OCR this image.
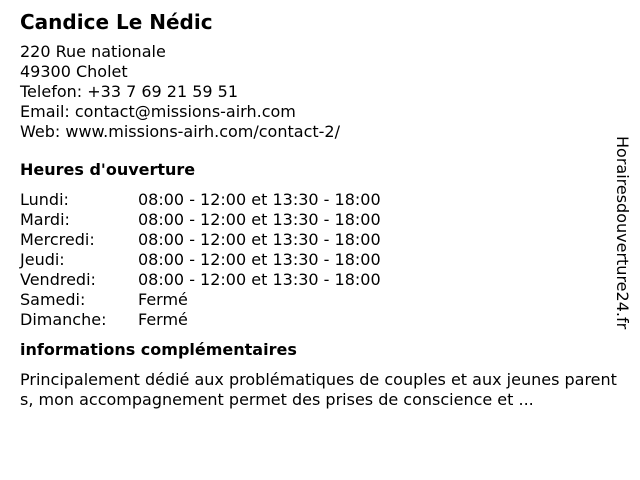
Candice Le Nédic
220 Rue nationale
49300 Cholet
Telefon: +33 7 69 21 59 51
Email: contact@missions-airh.com
Web: www.missions-airh.com/contact-2/
Heures d'ouverture
Lundi:	08:00 - 12:00 et 13:30 - 18:00
Mardi:	08:00 - 12:00 et 13:30 - 18:00
Mercredi:	08:00 - 12:00 et 13:30 - 18:00
Jeudi:	08:00 - 12:00 et 13:30 - 18:00
Vendredi:	08:00 - 12:00 et 13:30 - 18:00
Samedi:	Fermé
Dimanche:	Fermé
informations complémentaires
Principalement dédié aux problématiques de couples et aux jeunes parents, mon accompagnement permet des prises de conscience et ...
Horairesdouverture24.fr
